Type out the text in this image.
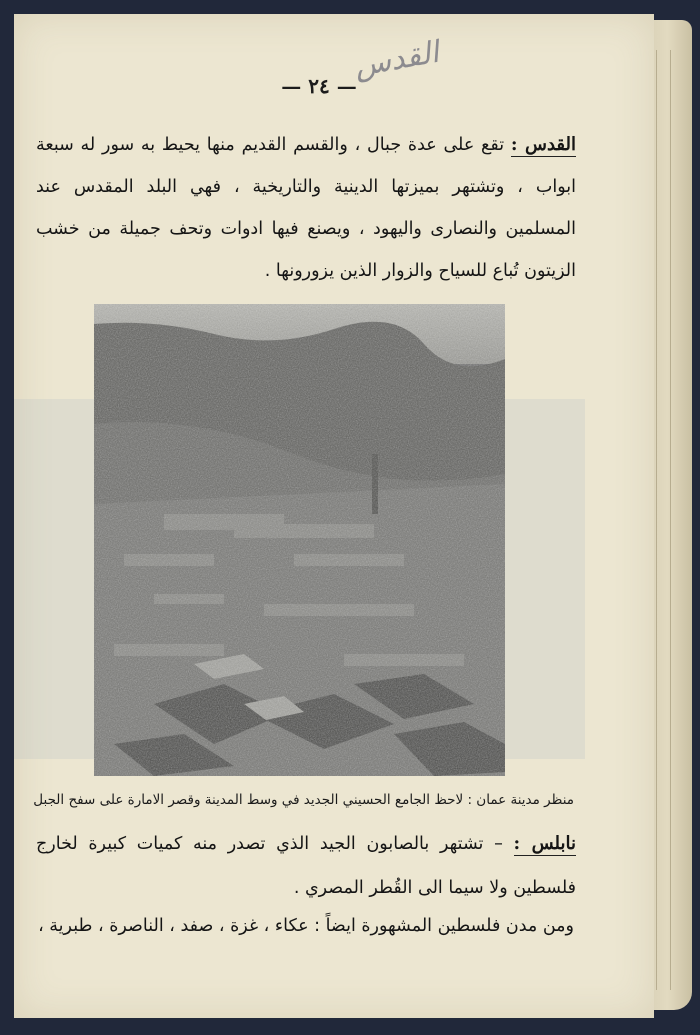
القدس
— ٢٤ —
القدس : تقع على عدة جبال ، والقسم القديم منها يحيط به سور له سبعة ابواب ، وتشتهر بميزتها الدينية والتاريخية ، فهي البلد المقدس عند المسلمين والنصارى واليهود ، ويصنع فيها ادوات وتحف جميلة من خشب الزيتون تُباع للسياح والزوار الذين يزورونها .
منظر مدينة عمان : لاحظ الجامع الحسيني الجديد في وسط المدينة وقصر الامارة على سفح الجبل
نابلس : – تشتهر بالصابون الجيد الذي تصدر منه كميات كبيرة لخارج فلسطين ولا سيما الى القُطر المصري .
ومن مدن فلسطين المشهورة ايضاً : عكاء ، غزة ، صفد ، الناصرة ، طبرية ،
